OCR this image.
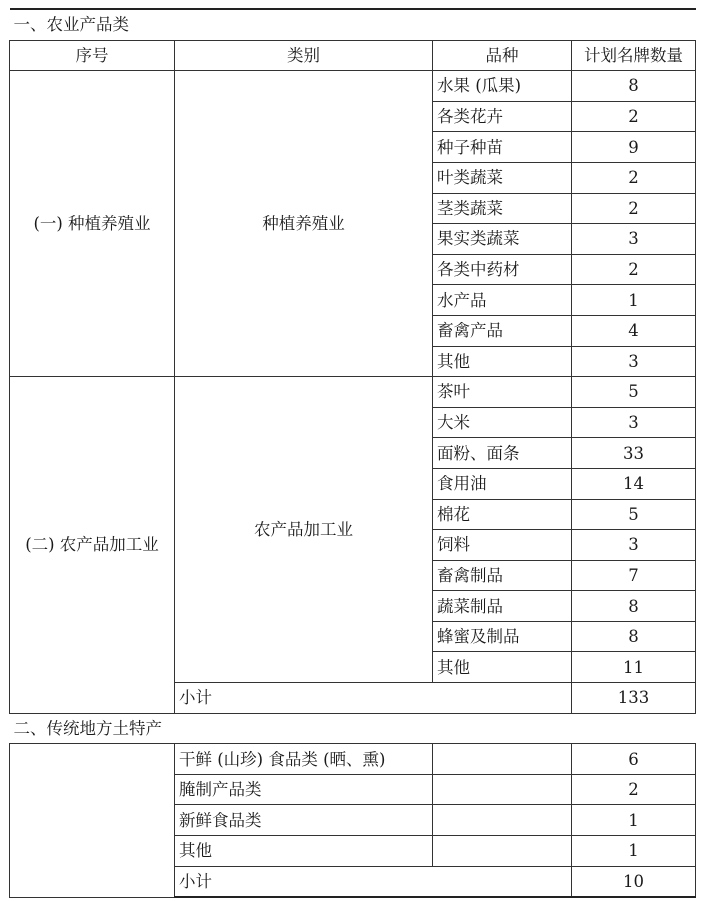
一、农业产品类			
序号	类别	品种	计划名牌数量
(一) 种植养殖业	种植养殖业	水果 (瓜果)	8
		各类花卉	2
		种子种苗	9
		叶类蔬菜	2
		茎类蔬菜	2
		果实类蔬菜	3
		各类中药材	2
		水产品	1
		畜禽产品	4
		其他	3
(二) 农产品加工业	农产品加工业	茶叶	5
		大米	3
		面粉、面条	33
		食用油	14
		棉花	5
		饲料	3
		畜禽制品	7
		蔬菜制品	8
		蜂蜜及制品	8
		其他	11
	小计		133
二、传统地方土特产			
	干鲜 (山珍) 食品类 (晒、熏)		6
	腌制产品类		2
	新鲜食品类		1
	其他		1
	小计		10
